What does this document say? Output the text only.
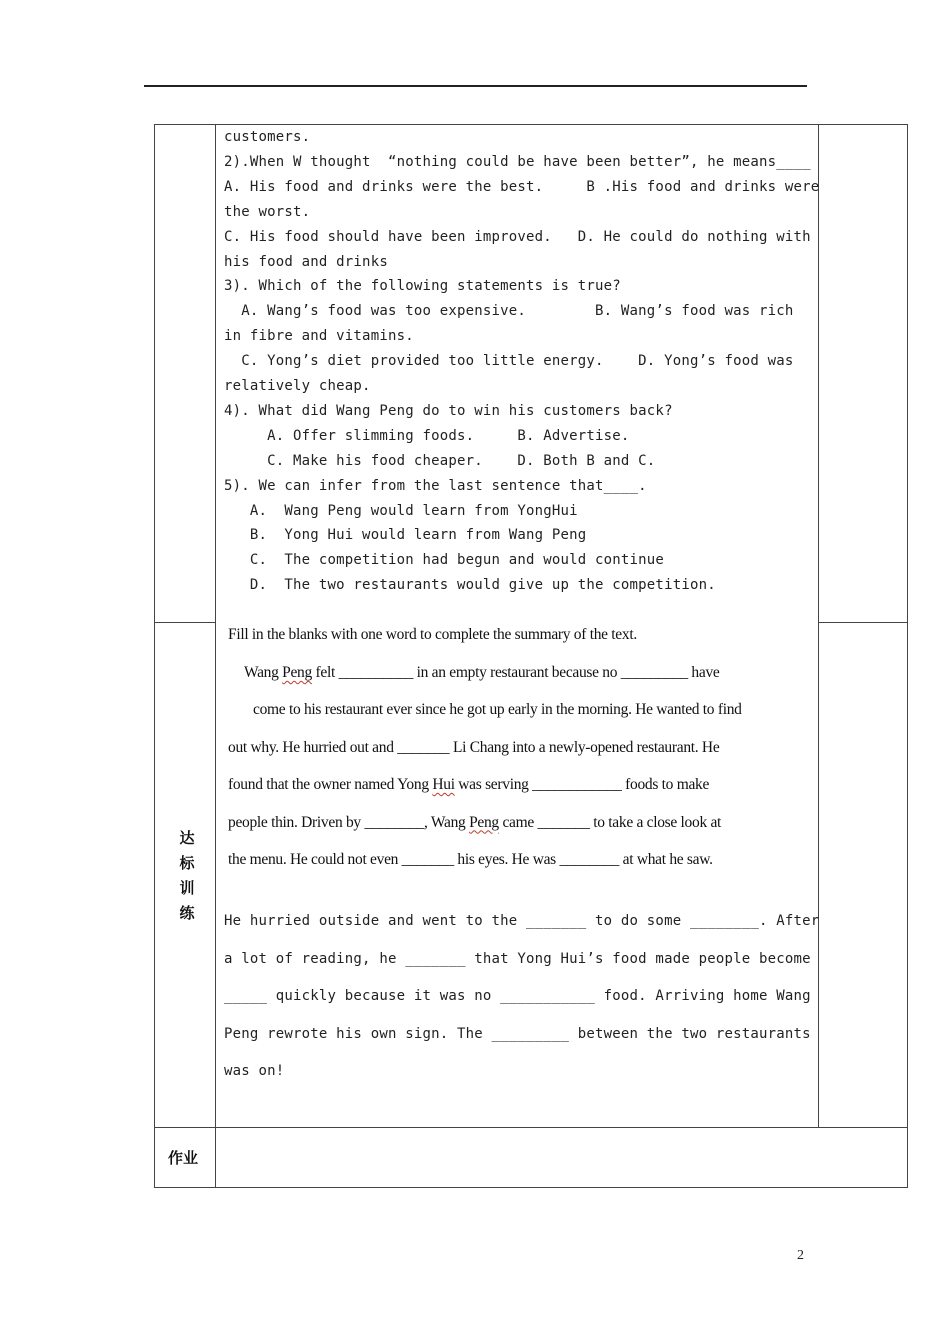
customers.
2).When W thought  “nothing could be have been better”, he means____
A. His food and drinks were the best.     B .His food and drinks were
the worst.
C. His food should have been improved.   D. He could do nothing with
his food and drinks
3). Which of the following statements is true?
A. Wang’s food was too expensive.        B. Wang’s food was rich
in fibre and vitamins.
C. Yong’s diet provided too little energy.    D. Yong’s food was
relatively cheap.
4). What did Wang Peng do to win his customers back?
A. Offer slimming foods.     B. Advertise.
C. Make his food cheaper.    D. Both B and C.
5). We can infer from the last sentence that____.
A.  Wang Peng would learn from YongHui
B.  Yong Hui would learn from Wang Peng
C.  The competition had begun and would continue
D.  The two restaurants would give up the competition.
达
标
训
练
Fill in the blanks with one word to complete the summary of the text.
Wang Peng felt __________ in an empty restaurant because no _________ have
come to his restaurant ever since he got up early in the morning. He wanted to find
out why. He hurried out and _______ Li Chang into a newly-opened restaurant. He
found that the owner named Yong Hui was serving ____________ foods to make
people thin. Driven by ________, Wang Peng came _______ to take a close look at
the menu. He could not even _______ his eyes. He was ________ at what he saw.
He hurried outside and went to the _______ to do some ________. After
a lot of reading, he _______ that Yong Hui’s food made people become
_____ quickly because it was no ___________ food. Arriving home Wang
Peng rewrote his own sign. The _________ between the two restaurants
was on!
作业
2
